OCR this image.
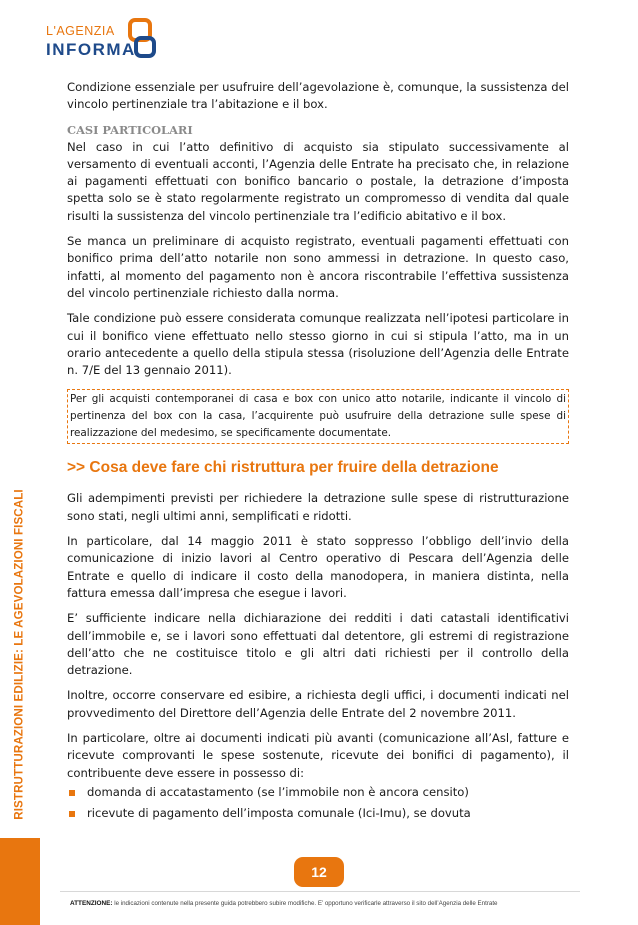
L'AGENZIA
INFORMA
RISTRUTTURAZIONI EDILIZIE: LE AGEVOLAZIONI FISCALI

Condizione essenziale per usufruire dell’agevolazione è, comunque, la sussistenza del vincolo pertinenziale tra l’abitazione e il box.

CASI PARTICOLARI

Nel caso in cui l’atto definitivo di acquisto sia stipulato successivamente al versamento di eventuali acconti, l’Agenzia delle Entrate ha precisato che, in relazione ai pagamenti effettuati con bonifico bancario o postale, la detrazione d’imposta spetta solo se è stato regolarmente registrato un compromesso di vendita dal quale risulti la sussistenza del vincolo pertinenziale tra l’edificio abitativo e il box.

Se manca un preliminare di acquisto registrato, eventuali pagamenti effettuati con bonifico prima dell’atto notarile non sono ammessi in detrazione. In questo caso, infatti, al momento del pagamento non è ancora riscontrabile l’effettiva sussistenza del vincolo pertinenziale richiesto dalla norma.

Tale condizione può essere considerata comunque realizzata nell’ipotesi particolare in cui il bonifico viene effettuato nello stesso giorno in cui si stipula l’atto, ma in un orario antecedente a quello della stipula stessa (risoluzione dell’Agenzia delle Entrate n. 7/E del 13 gennaio 2011).

Per gli acquisti contemporanei di casa e box con unico atto notarile, indicante il vincolo di pertinenza del box con la casa, l’acquirente può usufruire della detrazione sulle spese di realizzazione del medesimo, se specificamente documentate.
>> Cosa deve fare chi ristruttura per fruire della detrazione

Gli adempimenti previsti per richiedere la detrazione sulle spese di ristrutturazione sono stati, negli ultimi anni, semplificati e ridotti.

In particolare, dal 14 maggio 2011 è stato soppresso l’obbligo dell’invio della comunicazione di inizio lavori al Centro operativo di Pescara dell’Agenzia delle Entrate e quello di indicare il costo della manodopera, in maniera distinta, nella fattura emessa dall’impresa che esegue i lavori.

E’ sufficiente indicare nella dichiarazione dei redditi i dati catastali identificativi dell’immobile e, se i lavori sono effettuati dal detentore, gli estremi di registrazione dell’atto che ne costituisce titolo e gli altri dati richiesti per il controllo della detrazione.

Inoltre, occorre conservare ed esibire, a richiesta degli uffici, i documenti indicati nel provvedimento del Direttore dell’Agenzia delle Entrate del 2 novembre 2011.

In particolare, oltre ai documenti indicati più avanti (comunicazione all’Asl, fatture e ricevute comprovanti le spese sostenute, ricevute dei bonifici di pagamento), il contribuente deve essere in possesso di:

domanda di accatastamento (se l’immobile non è ancora censito)
ricevute di pagamento dell’imposta comunale (Ici-Imu), se dovuta
12
ATTENZIONE: le indicazioni contenute nella presente guida potrebbero subire modifiche. E’ opportuno verificarle attraverso il sito dell’Agenzia delle Entrate
